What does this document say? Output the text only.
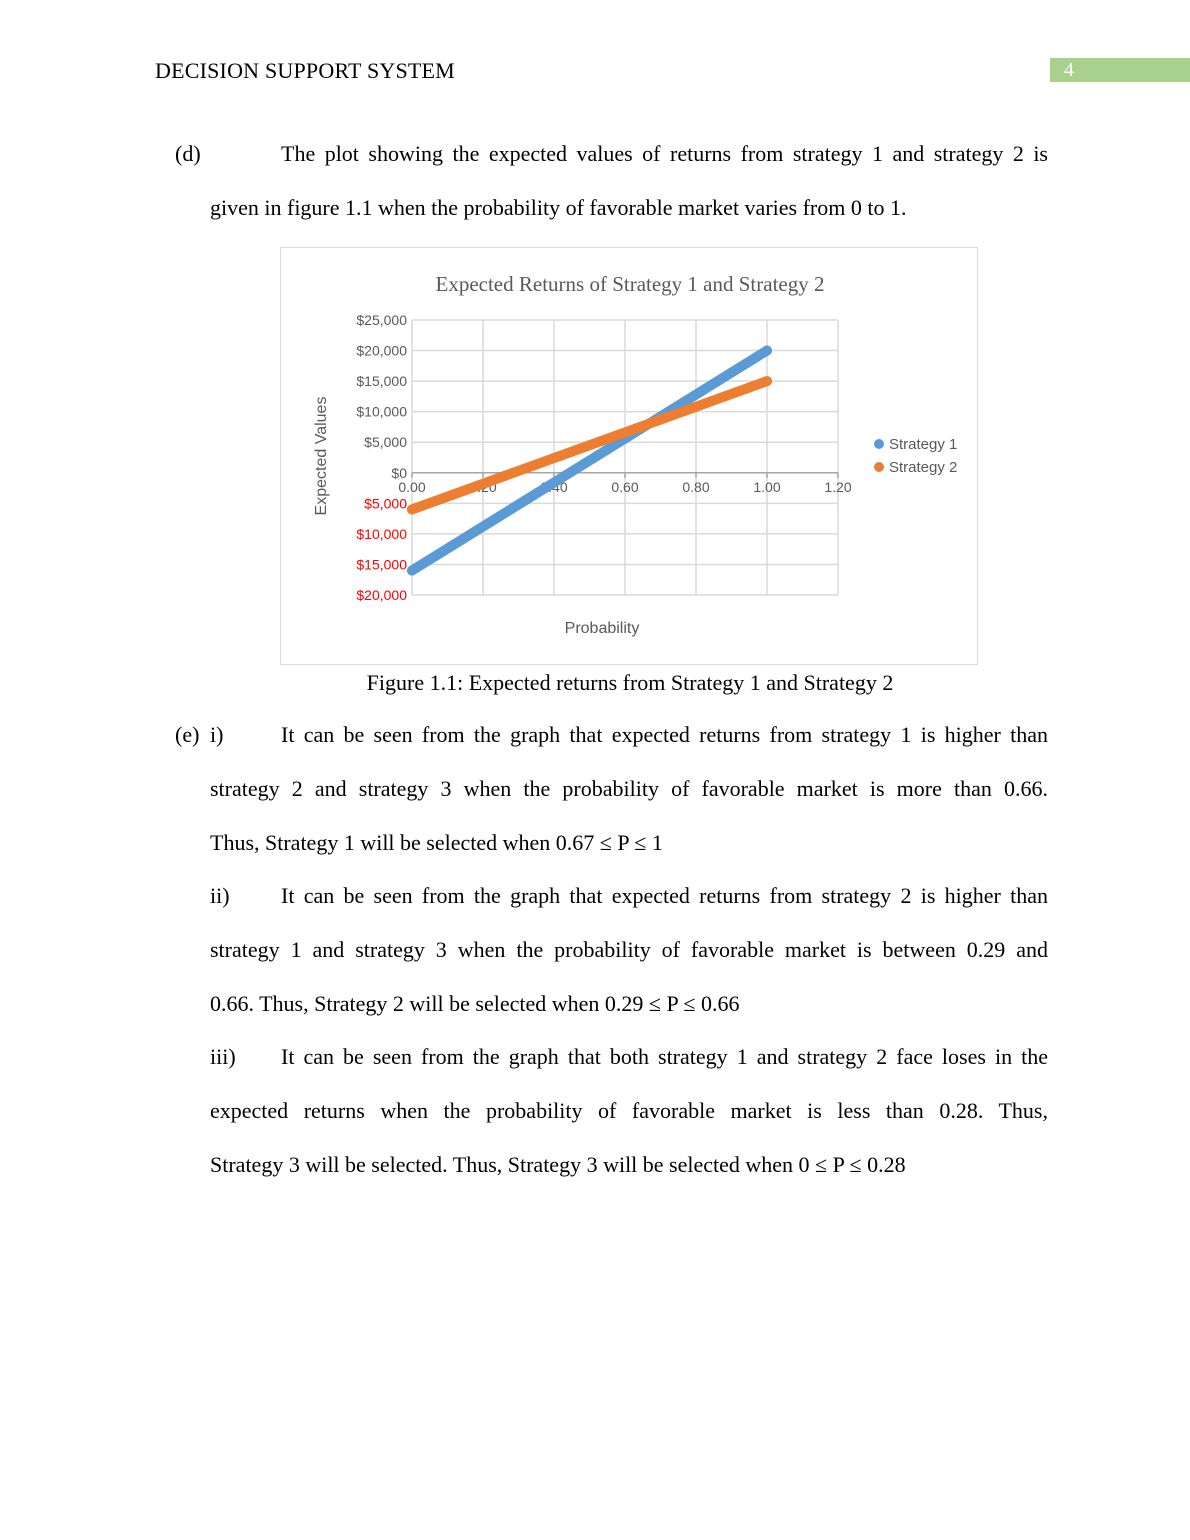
DECISION SUPPORT SYSTEM	4
(d)	The plot showing the expected values of returns from strategy 1 and strategy 2 is
given in figure 1.1 when the probability of favorable market varies from 0 to 1.
Expected Returns of Strategy 1 and Strategy 2
$25,000
$20,000
$15,000
$10,000
$5,000
$0
$5,000
$10,000
$15,000
$20,000
0.00	0.20	0.40	0.60	0.80	1.00	1.20
Expected Values
Probability
Strategy 1
Strategy 2
Figure 1.1: Expected returns from Strategy 1 and Strategy 2
(e) i)	It can be seen from the graph that expected returns from strategy 1 is higher than
strategy 2 and strategy 3 when the probability of favorable market is more than 0.66.
Thus, Strategy 1 will be selected when 0.67 ≤ P ≤ 1
ii) It can be seen from the graph that expected returns from strategy 2 is higher than
strategy 1 and strategy 3 when the probability of favorable market is between 0.29 and
0.66. Thus, Strategy 2 will be selected when 0.29 ≤ P ≤ 0.66
iii) It can be seen from the graph that both strategy 1 and strategy 2 face loses in the
expected returns when the probability of favorable market is less than 0.28. Thus,
Strategy 3 will be selected. Thus, Strategy 3 will be selected when 0 ≤ P ≤ 0.28
